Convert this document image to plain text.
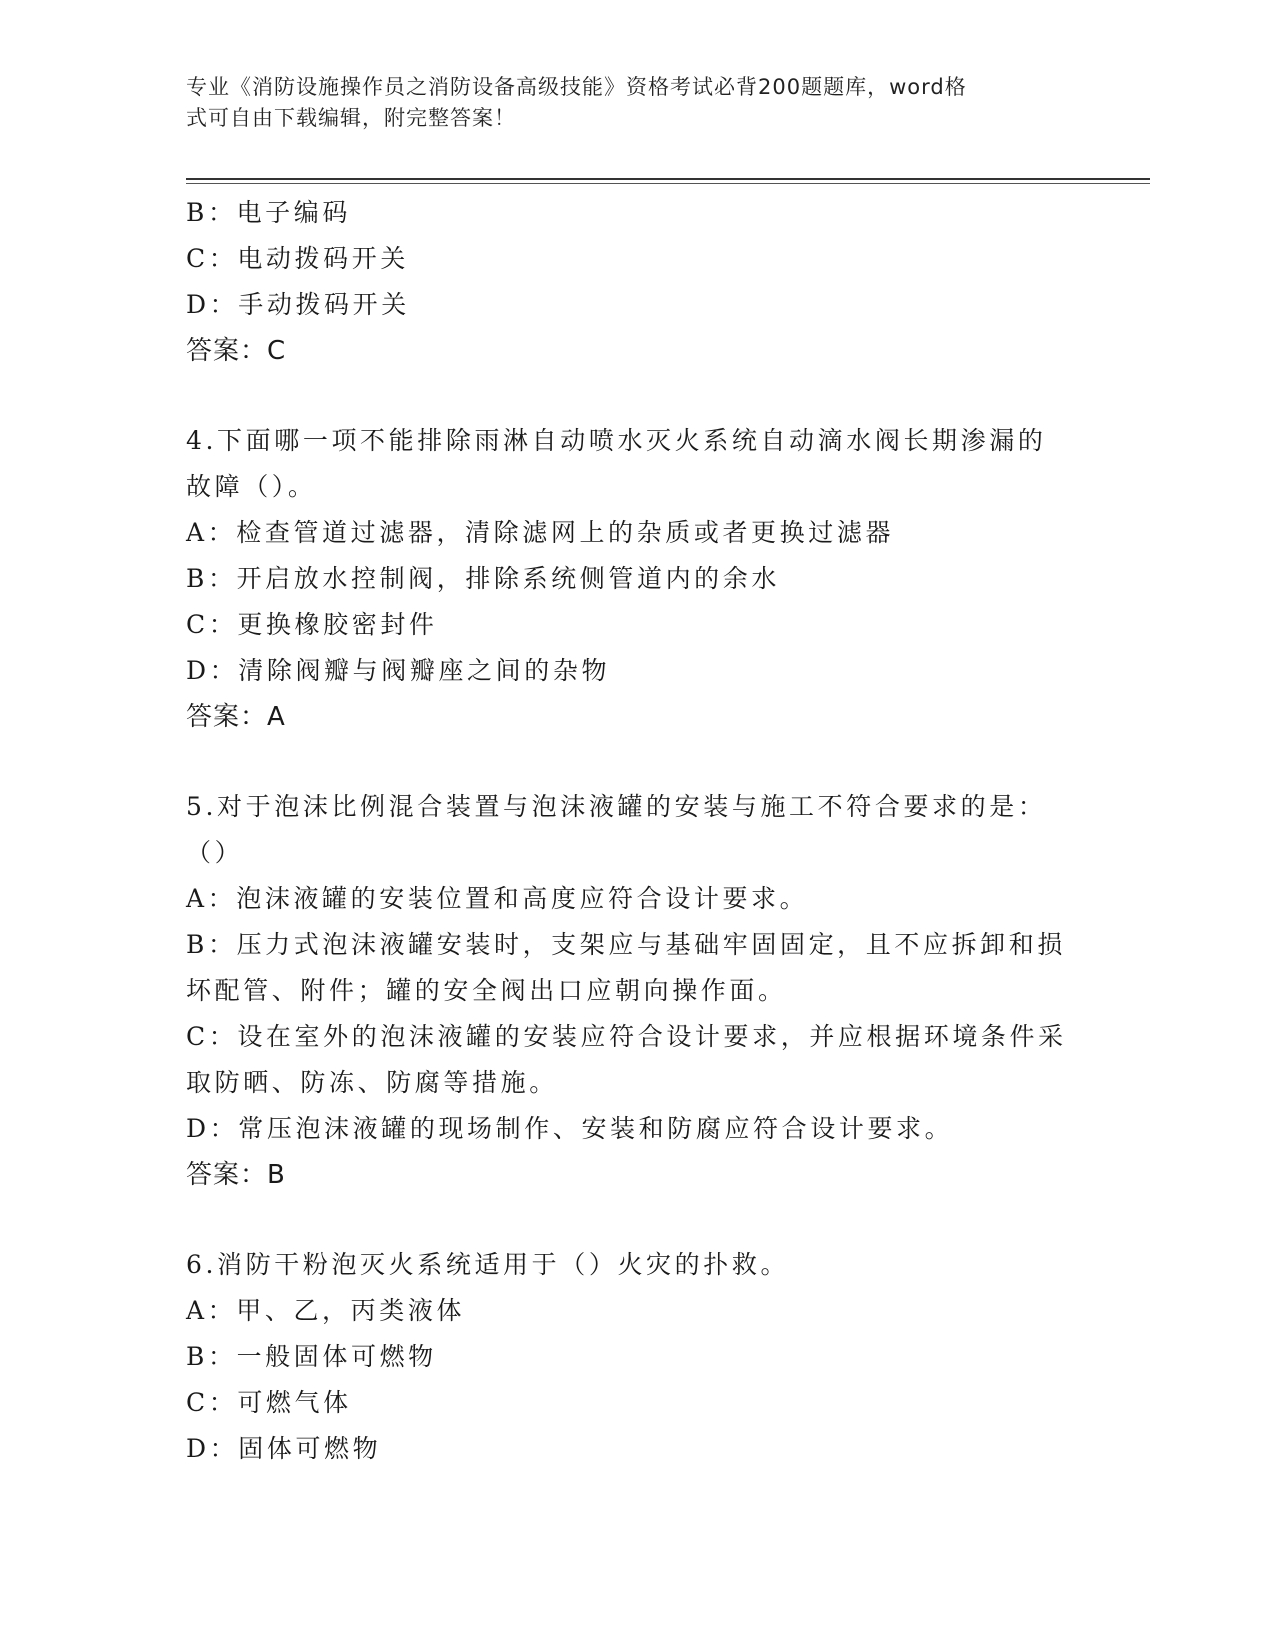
专业《消防设施操作员之消防设备高级技能》资格考试必背200题题库，word格
式可自由下载编辑，附完整答案！

B：电子编码

C：电动拨码开关

D：手动拨码开关

答案：C

4.下面哪一项不能排除雨淋自动喷水灭火系统自动滴水阀长期渗漏的

故障（）。

A：检查管道过滤器，清除滤网上的杂质或者更换过滤器

B：开启放水控制阀，排除系统侧管道内的余水

C：更换橡胶密封件

D：清除阀瓣与阀瓣座之间的杂物

答案：A

5.对于泡沫比例混合装置与泡沫液罐的安装与施工不符合要求的是：

（）

A：泡沫液罐的安装位置和高度应符合设计要求。

B：压力式泡沫液罐安装时，支架应与基础牢固固定，且不应拆卸和损

坏配管、附件；罐的安全阀出口应朝向操作面。

C：设在室外的泡沫液罐的安装应符合设计要求，并应根据环境条件采

取防晒、防冻、防腐等措施。

D：常压泡沫液罐的现场制作、安装和防腐应符合设计要求。

答案：B

6.消防干粉泡灭火系统适用于（）火灾的扑救。

A：甲、乙，丙类液体

B：一般固体可燃物

C：可燃气体

D：固体可燃物
